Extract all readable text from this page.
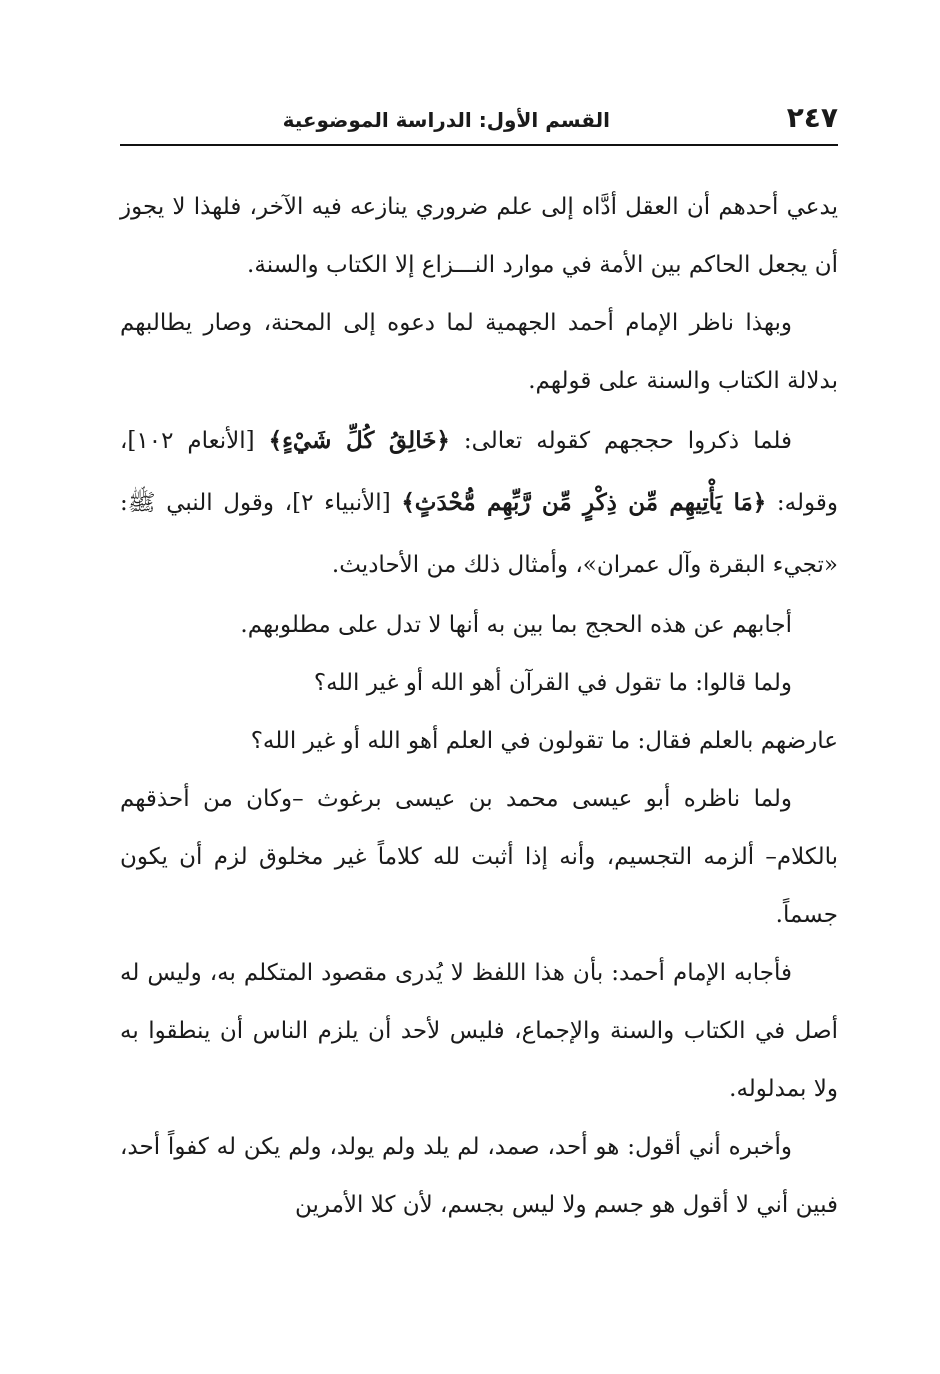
٢٤٧
القسم الأول: الدراسة الموضوعية

يدعي أحدهم أن العقل أدَّاه إلى علم ضروري ينازعه فيه الآخر، فلهذا لا يجوز أن يجعل الحاكم بين الأمة في موارد النـــزاع إلا الكتاب والسنة.

وبهذا ناظر الإمام أحمد الجهمية لما دعوه إلى المحنة، وصار يطالبهم بدلالة الكتاب والسنة على قولهم.

فلما ذكروا حججهم كقوله تعالى: ﴿خَالِقُ كُلِّ شَيْءٍ﴾ [الأنعام ١٠٢]، وقوله: ﴿مَا يَأْتِيهِم مِّن ذِكْرٍ مِّن رَّبِّهِم مُّحْدَثٍ﴾ [الأنبياء ٢]، وقول النبي ﷺ: «تجيء البقرة وآل عمران»، وأمثال ذلك من الأحاديث.

أجابهم عن هذه الحجج بما بين به أنها لا تدل على مطلوبهم.

ولما قالوا: ما تقول في القرآن أهو الله أو غير الله؟

عارضهم بالعلم فقال: ما تقولون في العلم أهو الله أو غير الله؟

ولما ناظره أبو عيسى محمد بن عيسى برغوث –وكان من أحذقهم بالكلام– ألزمه التجسيم، وأنه إذا أثبت لله كلاماً غير مخلوق لزم أن يكون جسماً.

فأجابه الإمام أحمد: بأن هذا اللفظ لا يُدرى مقصود المتكلم به، وليس له أصل في الكتاب والسنة والإجماع، فليس لأحد أن يلزم الناس أن ينطقوا به ولا بمدلوله.

وأخبره أني أقول: هو أحد، صمد، لم يلد ولم يولد، ولم يكن له كفواً أحد، فبين أني لا أقول هو جسم ولا ليس بجسم، لأن كلا الأمرين
